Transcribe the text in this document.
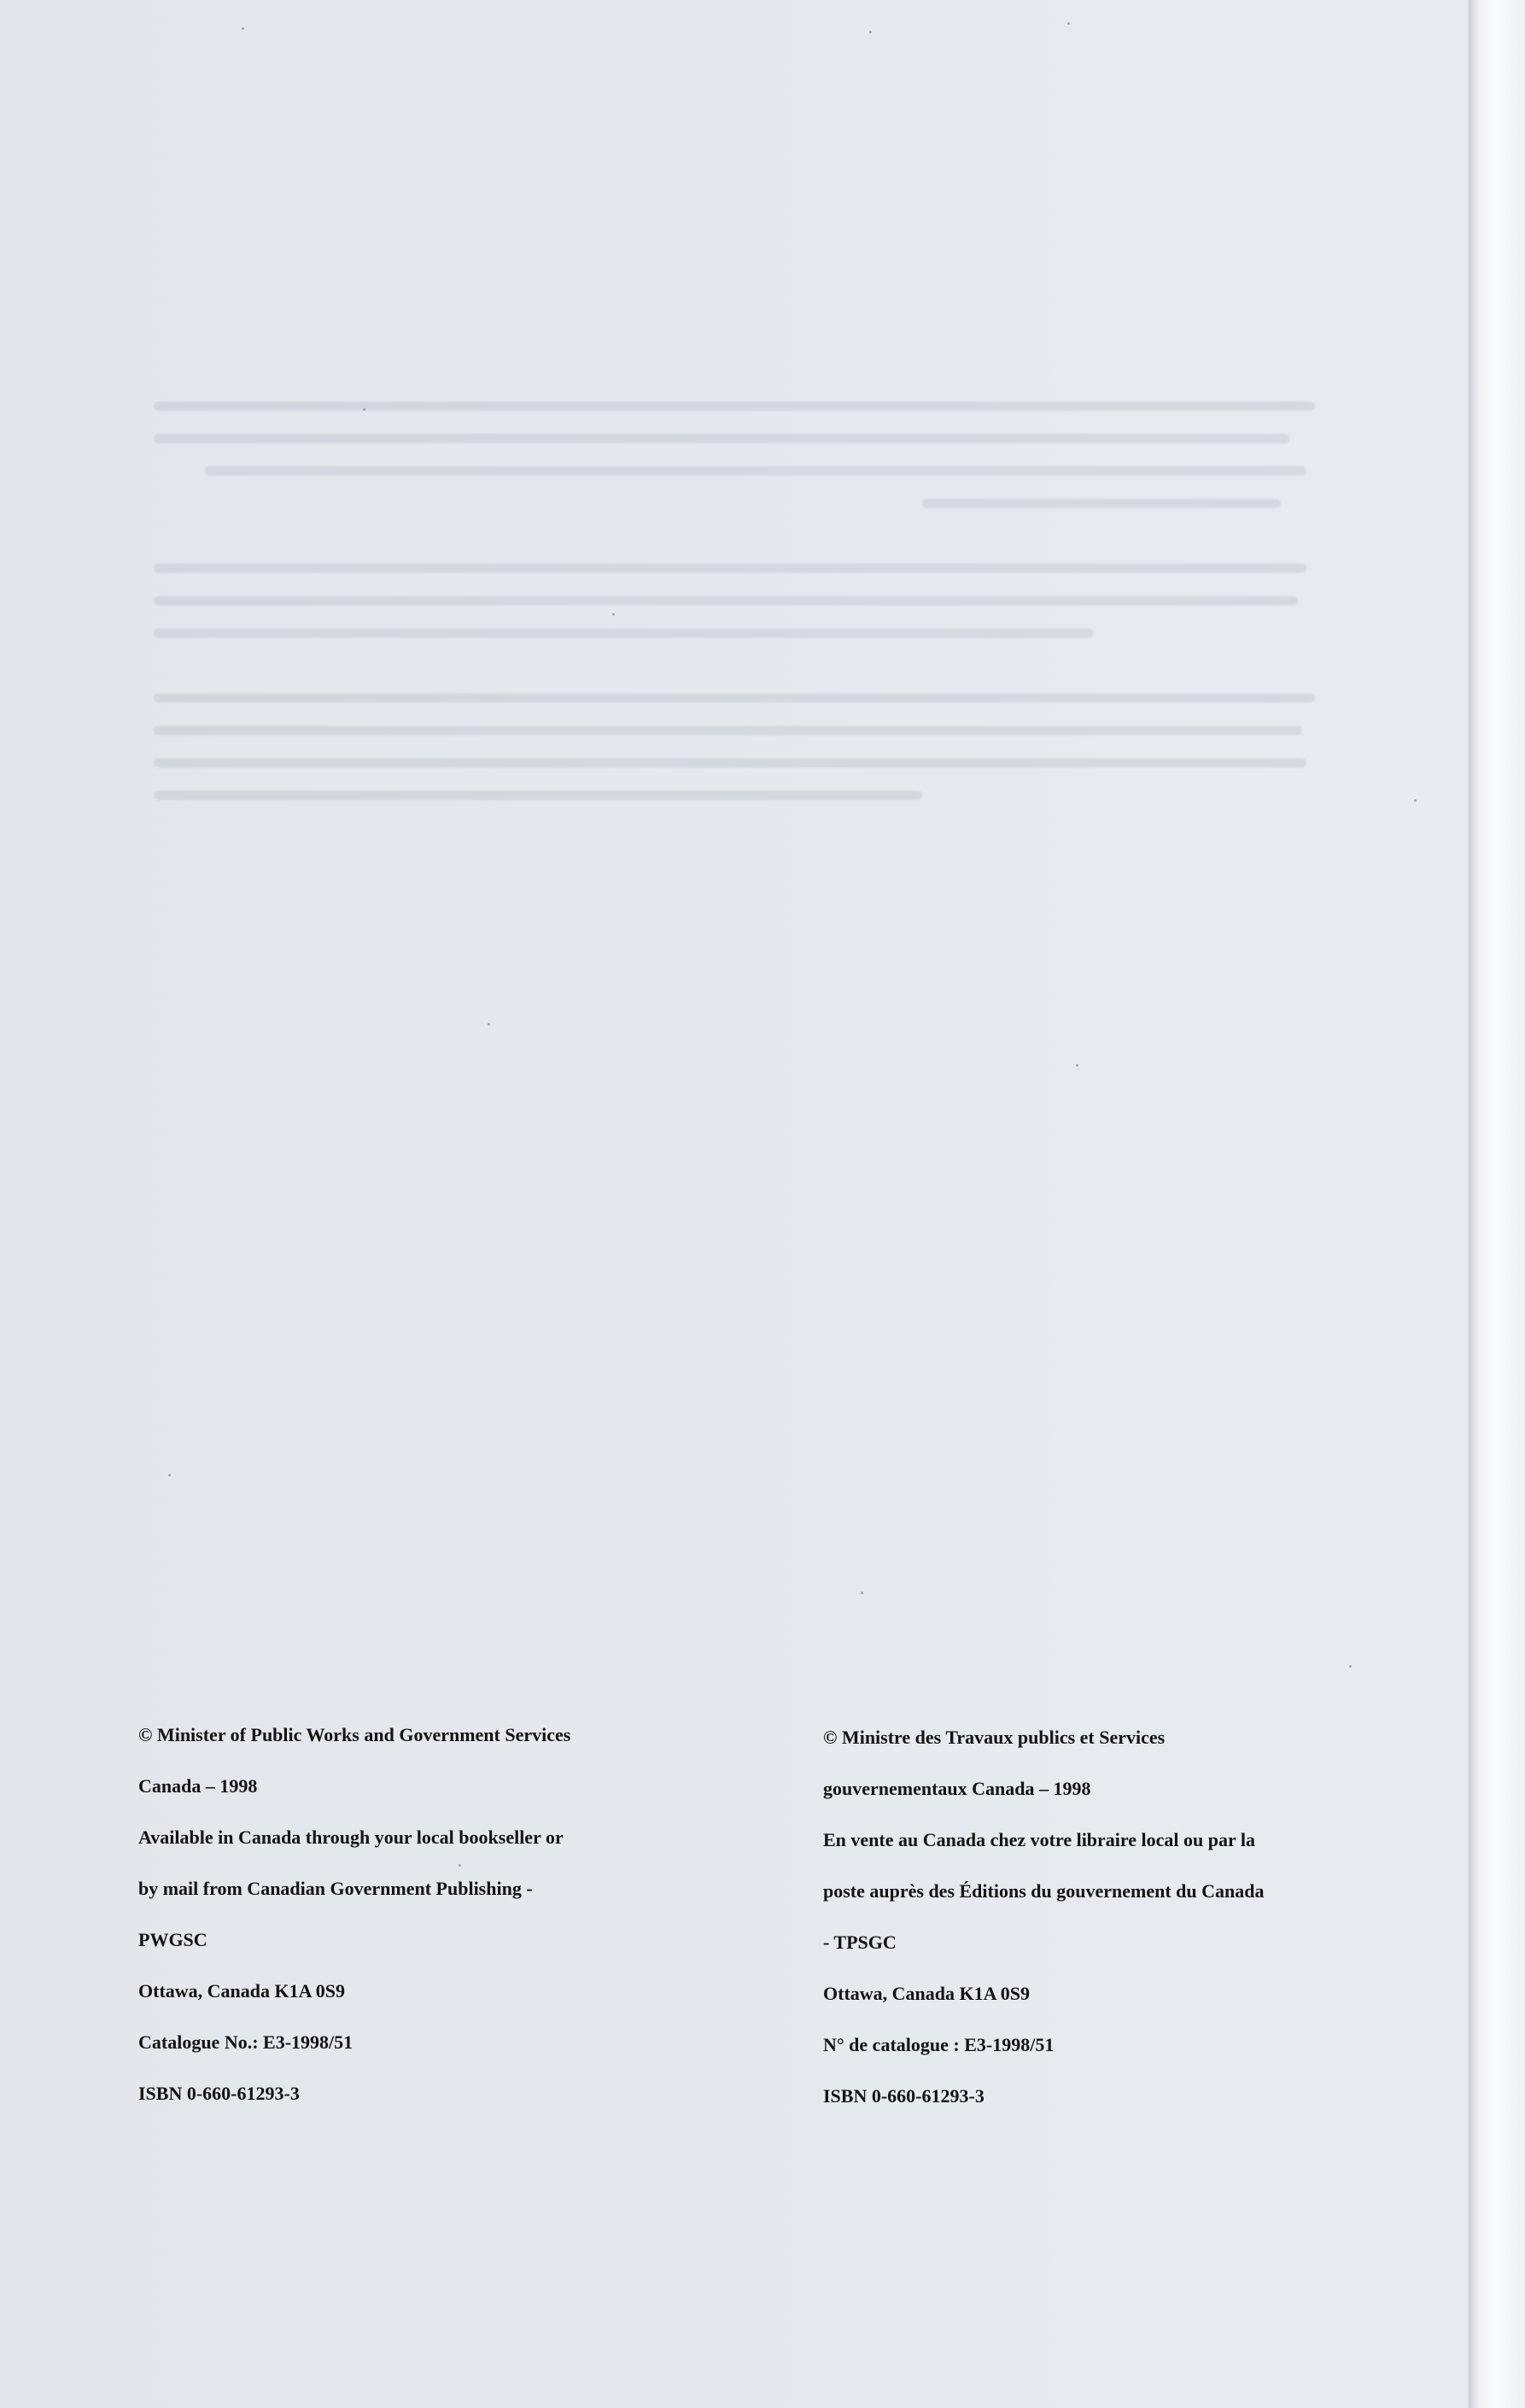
© Minister of Public Works and Government Services
Canada – 1998
Available in Canada through your local bookseller or
by mail from Canadian Government Publishing -
PWGSC
Ottawa, Canada K1A 0S9
Catalogue No.: E3-1998/51
ISBN 0-660-61293-3
© Ministre des Travaux publics et Services
gouvernementaux Canada – 1998
En vente au Canada chez votre libraire local ou par la
poste auprès des Éditions du gouvernement du Canada
- TPSGC
Ottawa, Canada K1A 0S9
N° de catalogue : E3-1998/51
ISBN 0-660-61293-3
